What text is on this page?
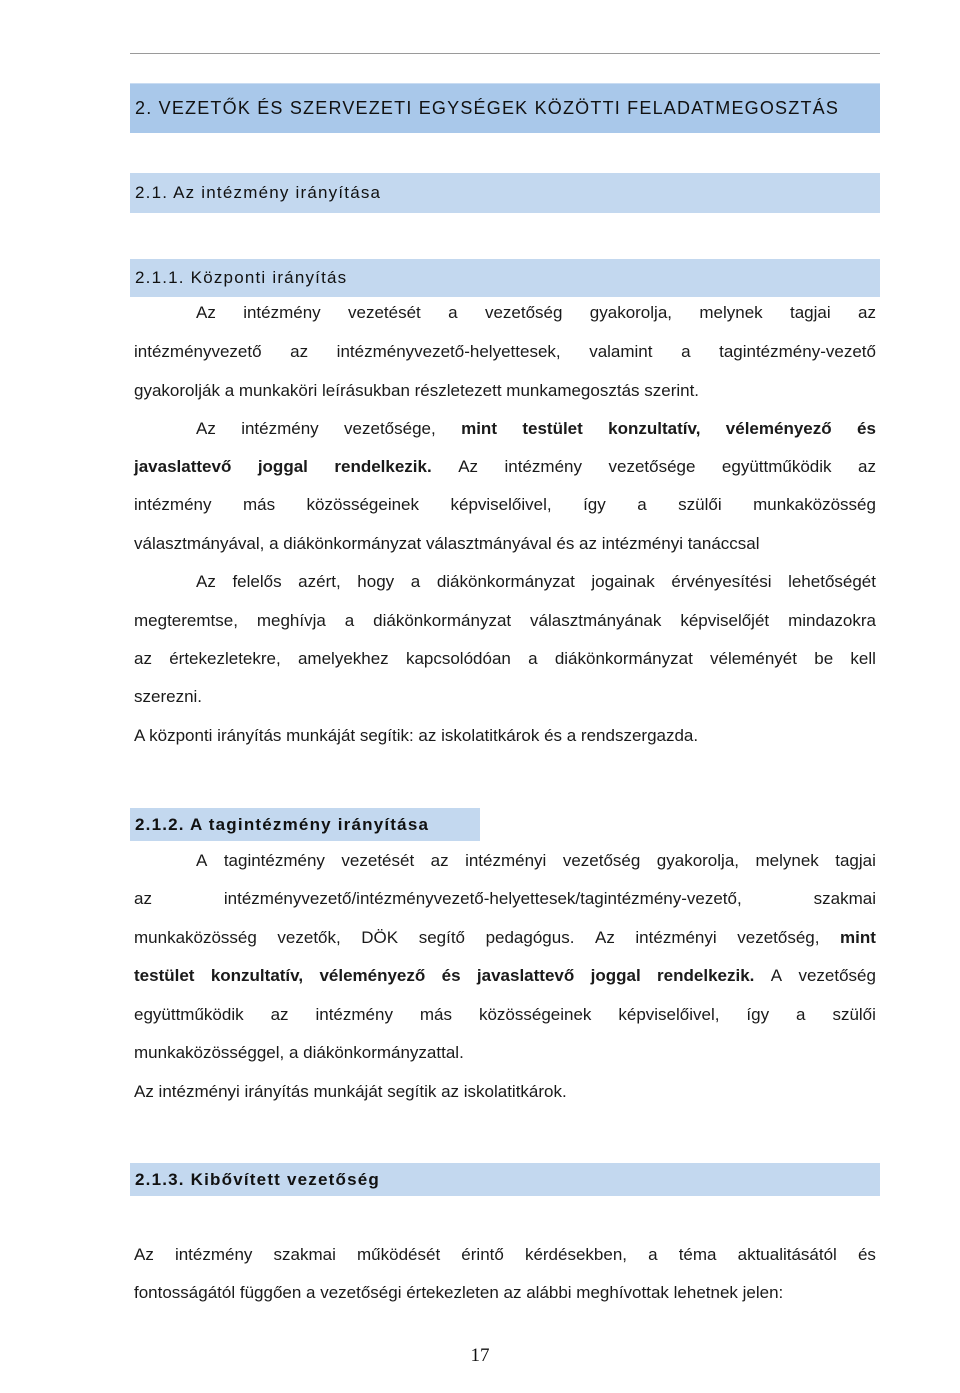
2. VEZETŐK ÉS SZERVEZETI EGYSÉGEK KÖZÖTTI FELADATMEGOSZTÁS
2.1. Az intézmény irányítása
2.1.1. Központi irányítás
Az intézmény vezetését a vezetőség gyakorolja, melynek tagjai az
intézményvezető az intézményvezető-helyettesek, valamint a tagintézmény-vezető
gyakorolják a munkaköri leírásukban részletezett munkamegosztás szerint.
Az intézmény vezetősége, mint testület konzultatív, véleményező és
javaslattevő joggal rendelkezik. Az intézmény vezetősége együttműködik az
intézmény más közösségeinek képviselőivel, így a szülői munkaközösség
választmányával, a diákönkormányzat választmányával és az intézményi tanáccsal
Az felelős azért, hogy a diákönkormányzat jogainak érvényesítési lehetőségét
megteremtse, meghívja a diákönkormányzat választmányának képviselőjét mindazokra
az értekezletekre, amelyekhez kapcsolódóan a diákönkormányzat véleményét be kell
szerezni.
A központi irányítás munkáját segítik: az iskolatitkárok és a rendszergazda.
2.1.2. A tagintézmény irányítása
A tagintézmény vezetését az intézményi vezetőség gyakorolja, melynek tagjai
az	intézményvezető/intézményvezető-helyettesek/tagintézmény-vezető,	szakmai
munkaközösség vezetők, DÖK segítő pedagógus. Az intézményi vezetőség, mint
testület konzultatív, véleményező és javaslattevő joggal rendelkezik. A vezetőség
együttműködik az intézmény más közösségeinek képviselőivel, így a szülői
munkaközösséggel, a diákönkormányzattal.
Az intézményi irányítás munkáját segítik az iskolatitkárok.
2.1.3. Kibővített vezetőség
Az intézmény szakmai működését érintő kérdésekben, a téma aktualitásától és
fontosságától függően a vezetőségi értekezleten az alábbi meghívottak lehetnek jelen:
17
